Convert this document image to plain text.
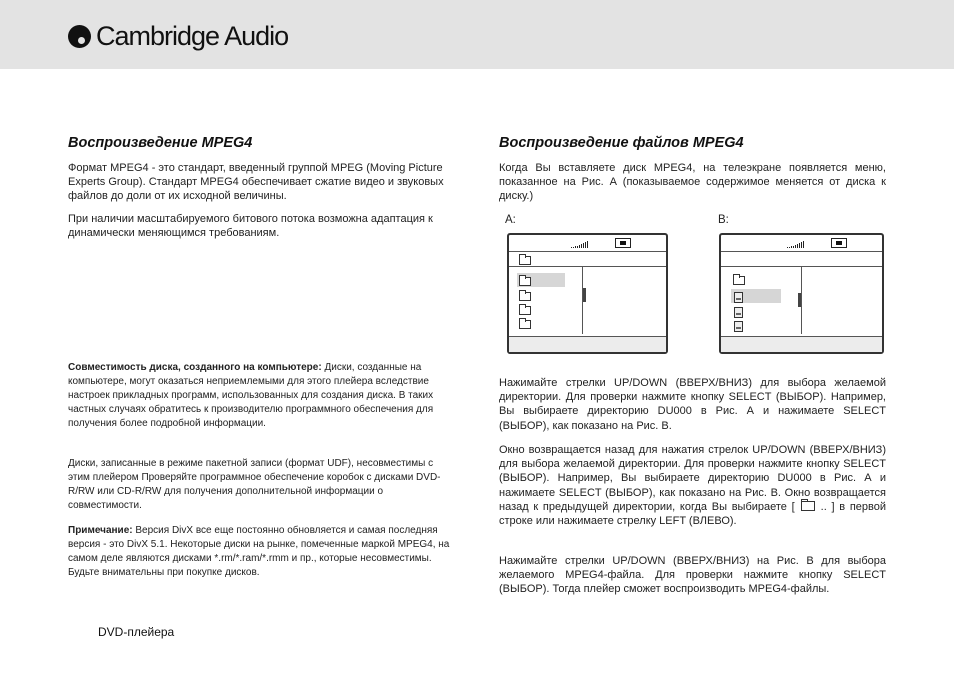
Cambridge Audio
Воспроизведение MPEG4

Формат MPEG4 - это стандарт, введенный группой MPEG (Moving Picture Experts Group). Стандарт MPEG4 обеспечивает сжатие видео и звуковых файлов до доли от их исходной величины.

При наличии масштабируемого битового потока возможна адаптация к динамически меняющимся требованиям.

Совместимость диска, созданного на компьютере: Диски, созданные на компьютере, могут оказаться неприемлемыми для этого плейера вследствие настроек прикладных программ, использованных для создания диска. В таких частных случаях обратитесь к производителю программного обеспечения для получения более подробной информации.

Диски, записанные в режиме пакетной записи (формат UDF), несовместимы с этим плейером Проверяйте программное обеспечение коробок с дисками DVD-R/RW или CD-R/RW для получения дополнительной информации о совместимости.

Примечание: Версия DivX все еще постоянно обновляется и самая последняя версия - это DivX 5.1. Некоторые диски на рынке, помеченные маркой MPEG4, на самом деле являются дисками *.rm/*.ram/*.rmm и пр., которые несовместимы. Будьте внимательны при покупке дисков.

Воспроизведение файлов MPEG4

Когда Вы вставляете диск MPEG4, на телеэкране появляется меню, показанное на Рис. А (показываемое содержимое меняется от диска к диску.)

A:	B:

Нажимайте стрелки UP/DOWN (ВВЕРХ/ВНИЗ) для выбора желаемой директории. Для проверки нажмите кнопку SELECT (ВЫБОР). Например, Вы выбираете директорию DU000 в Рис. А и нажимаете SELECT (ВЫБОР), как показано на Рис. В.

Окно возвращается назад для нажатия стрелок UP/DOWN (ВВЕРХ/ВНИЗ) для выбора желаемой директории. Для проверки нажмите кнопку SELECT (ВЫБОР). Например, Вы выбираете директорию DU000 в Рис. А и нажимаете SELECT (ВЫБОР), как показано на Рис. В. Окно возвращается назад к предыдущей директории, когда Вы выбираете [ .. ] в первой строке или нажимаете стрелку LEFT (ВЛЕВО).

Нажимайте стрелки UP/DOWN (ВВЕРХ/ВНИЗ) на Рис. В для выбора желаемого MPEG4-файла. Для проверки нажмите кнопку SELECT (ВЫБОР). Тогда плейер сможет воспроизводить MPEG4-файлы.

DVD-плейера
